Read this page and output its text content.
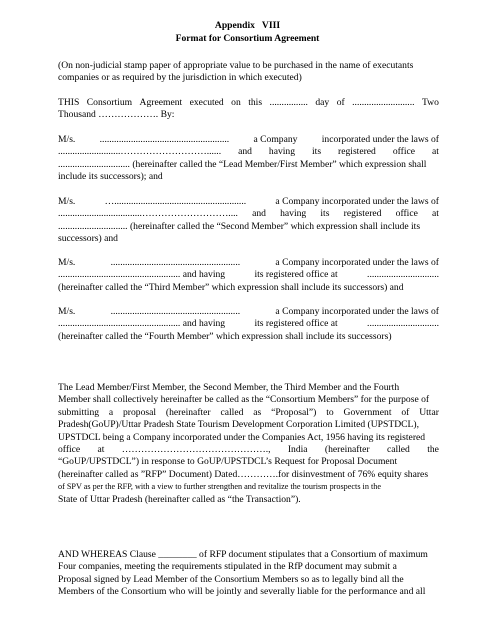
Appendix   VIII
Format for Consortium Agreement
(On non-judicial stamp paper of appropriate value to be purchased in the name of executants
companies or as required by the jurisdiction in which executed)
THIS Consortium Agreement executed on this ................ day of .......................... Two
Thousand ………………. By:
M/s.	......................................................	a Company	incorporated under the laws of
..........................………………………...... and having its registered office at
.............................. (hereinafter called the “Lead Member/First Member” which expression shall
include its successors); and
M/s.	….......................................................	a Company incorporated under the laws of
...................................……………………….... and having its registered office at
............................. (hereinafter called the “Second Member” which expression shall include its
successors) and
M/s.	......................................................	a Company incorporated under the laws of
................................................... and having	its registered office at	..............................
(hereinafter called the “Third Member” which expression shall include its successors) and
M/s.	......................................................	a Company incorporated under the laws of
................................................... and having	its registered office at	..............................
(hereinafter called the “Fourth Member” which expression shall include its successors)
The Lead Member/First Member, the Second Member, the Third Member and the Fourth
Member shall collectively hereinafter be called as the “Consortium Members” for the purpose of
submitting a proposal (hereinafter called as “Proposal”) to Government of Uttar
Pradesh(GoUP)/Uttar Pradesh State Tourism Development Corporation Limited (UPSTDCL),
UPSTDCL being a Company incorporated under the Companies Act, 1956 having its registered
office at ………………………………………., India (hereinafter called the
“GoUP/UPSTDCL”) in response to GoUP/UPSTDCL’s Request for Proposal Document
(hereinafter called as ”RFP” Document) Dated………….for disinvestment of 76% equity shares
of SPV as per the RFP, with a view to further strengthen and revitalize the tourism prospects in the
State of Uttar Pradesh (hereinafter called as “the Transaction”).
AND WHEREAS Clause ________ of RFP document stipulates that a Consortium of maximum
Four companies, meeting the requirements stipulated in the RfP document may submit a
Proposal signed by Lead Member of the Consortium Members so as to legally bind all the
Members of the Consortium who will be jointly and severally liable for the performance and all
